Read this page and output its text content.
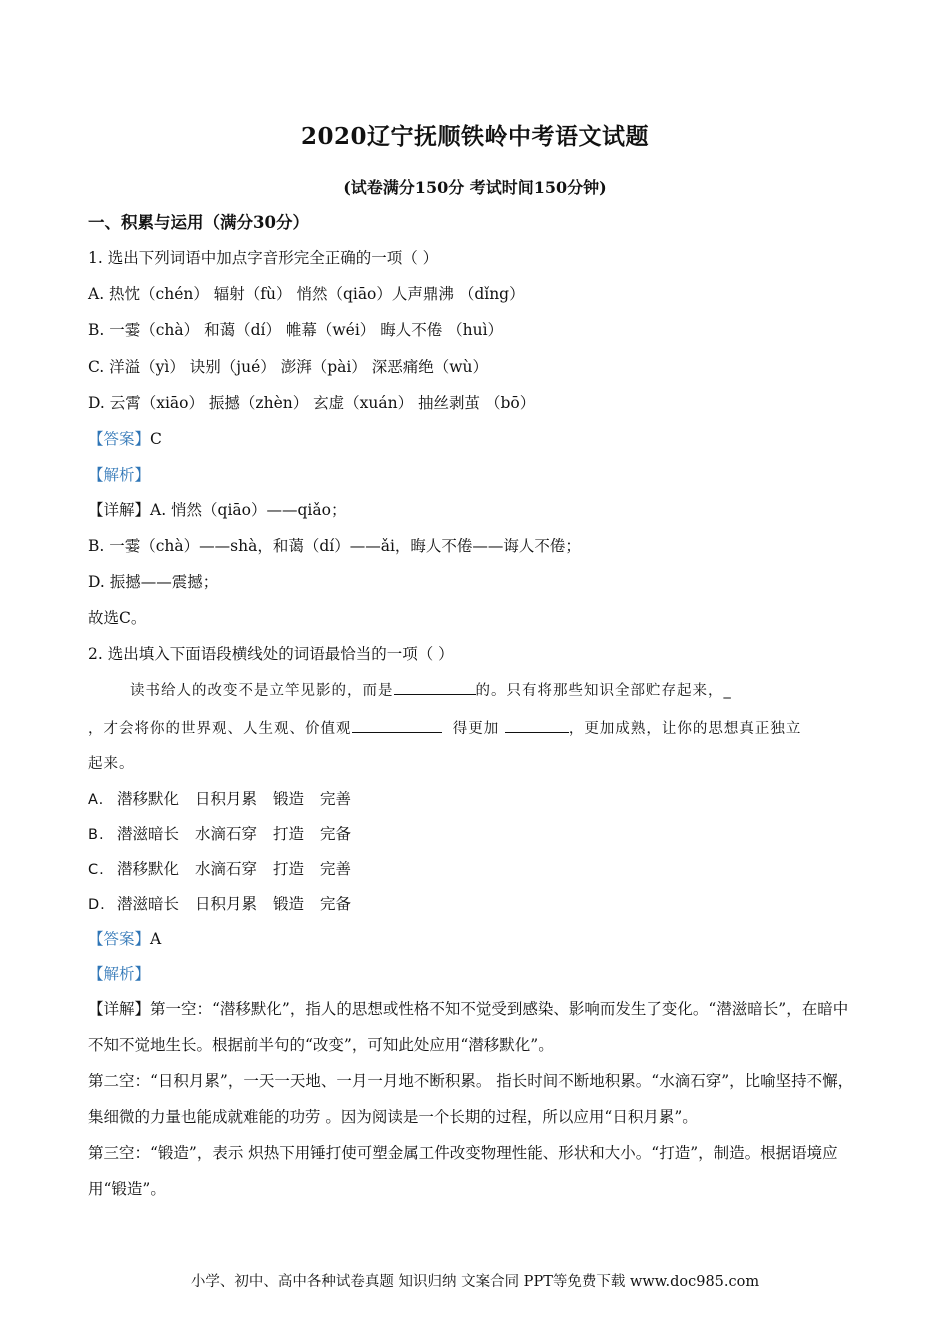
2020辽宁抚顺铁岭中考语文试题
(试卷满分150分 考试时间150分钟)
一、积累与运用（满分30分）
1. 选出下列词语中加点字音形完全正确的一项（ ）
A. 热忱（chén） 辐射（fù） 悄然（qiāo）人声鼎沸 （dǐng）
B. 一霎（chà） 和蔼（dí） 帷幕（wéi） 晦人不倦 （huì）
C. 洋溢（yì） 诀别（jué） 澎湃（pài） 深恶痛绝（wù）
D. 云霄（xiāo） 振撼（zhèn） 玄虚（xuán） 抽丝剥茧 （bō）
【答案】C
【解析】
【详解】A. 悄然（qiāo）——qiǎo；
B. 一霎（chà）——shà，和蔼（dí）——ǎi，晦人不倦——诲人不倦；
D. 振撼——震撼；
故选C。
2. 选出填入下面语段横线处的词语最恰当的一项（ ）
读书给人的改变不是立竿见影的，而是	的。只有将那些知识全部贮存起来，_
，才会将你的世界观、人生观、价值观	得更加	，更加成熟，让你的思想真正独立
起来。
A. 潜移默化 日积月累 锻造 完善
B. 潜滋暗长 水滴石穿 打造 完备
C. 潜移默化 水滴石穿 打造 完善
D. 潜滋暗长 日积月累 锻造 完备
【答案】A
【解析】
【详解】第一空：“潜移默化”，指人的思想或性格不知不觉受到感染、影响而发生了变化。“潜滋暗长”，在暗中不知不觉地生长。根据前半句的“改变”，可知此处应用“潜移默化”。
第二空：“日积月累”，一天一天地、一月一月地不断积累。 指长时间不断地积累。“水滴石穿”，比喻坚持不懈，集细微的力量也能成就难能的功劳 。因为阅读是一个长期的过程，所以应用“日积月累”。
第三空：“锻造”，表示 炽热下用锤打使可塑金属工件改变物理性能、形状和大小。“打造”，制造。根据语境应用“锻造”。
小学、初中、高中各种试卷真题 知识归纳 文案合同 PPT等免费下载 www.doc985.com
